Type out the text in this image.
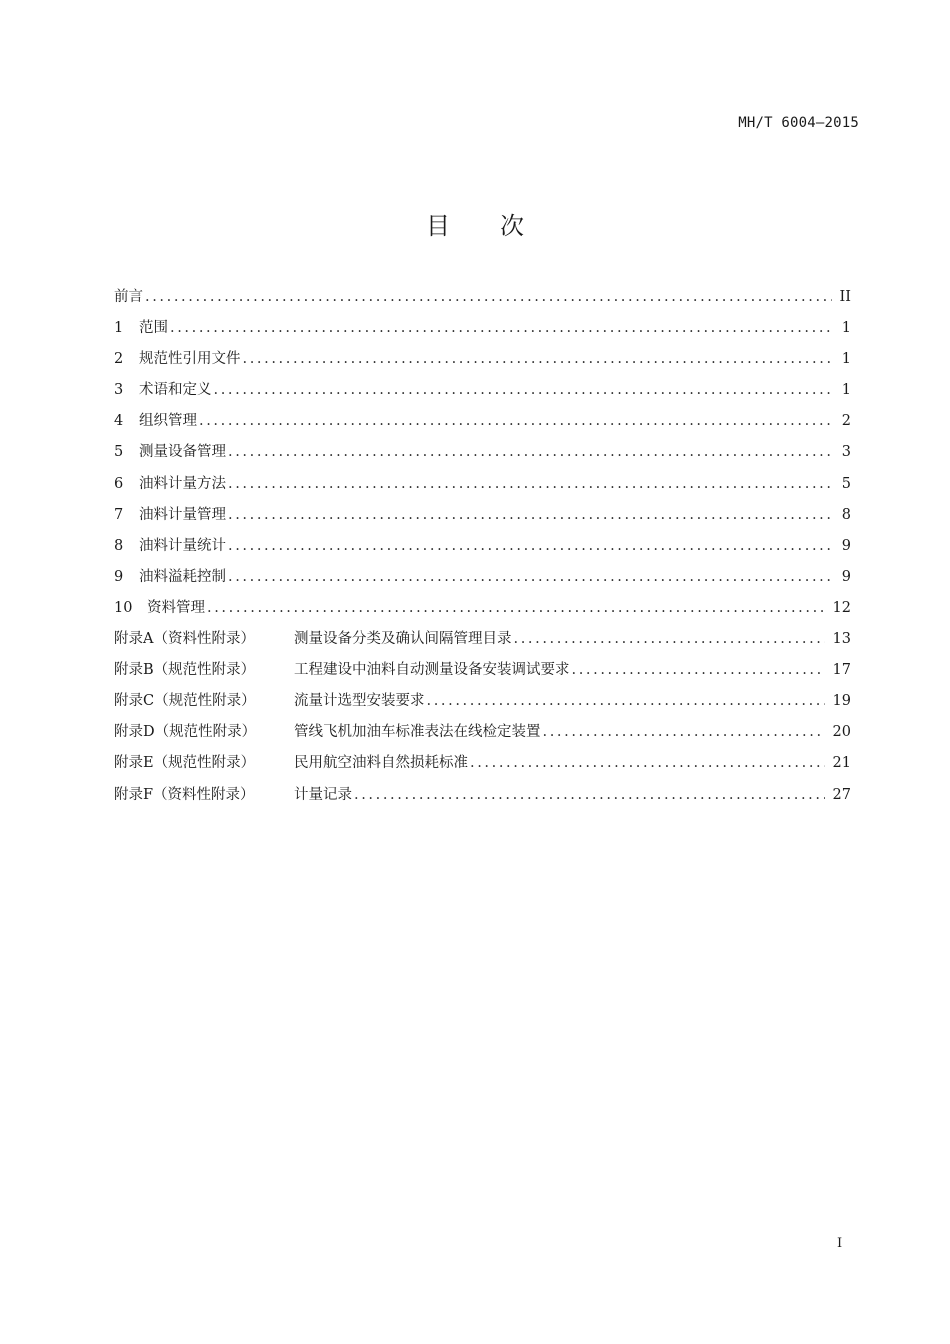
MH/T 6004—2015
目次
前言 .....	II
1	范围 .....	1
2	规范性引用文件 .....	1
3	术语和定义 .....	1
4	组织管理 .....	2
5	测量设备管理 .....	3
6	油料计量方法 .....	5
7	油料计量管理 .....	8
8	油料计量统计 .....	9
9	油料溢耗控制 .....	9
10	资料管理 .....	12
附录A（资料性附录）	测量设备分类及确认间隔管理目录 .....	13
附录B（规范性附录）	工程建设中油料自动测量设备安装调试要求 .....	17
附录C（规范性附录）	流量计选型安装要求 .....	19
附录D（规范性附录）	管线飞机加油车标准表法在线检定装置 .....	20
附录E（规范性附录）	民用航空油料自然损耗标准 .....	21
附录F（资料性附录）	计量记录 .....	27
I
